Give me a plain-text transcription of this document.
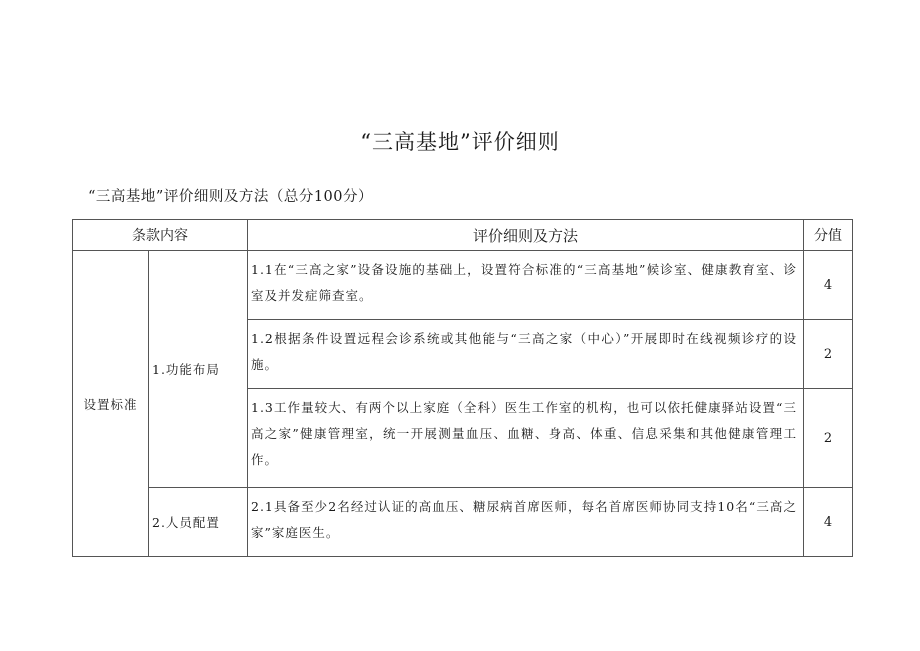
“三高基地”评价细则
“三高基地”评价细则及方法（总分100分）
条款内容		评价细则及方法	分值
设置标准	1.功能布局	1.1在“三高之家”设备设施的基础上，设置符合标准的“三高基地”候诊室、健康教育室、诊室及并发症筛查室。	4
		1.2根据条件设置远程会诊系统或其他能与“三高之家（中心）”开展即时在线视频诊疗的设施。	2
		1.3工作量较大、有两个以上家庭（全科）医生工作室的机构，也可以依托健康驿站设置“三高之家”健康管理室，统一开展测量血压、血糖、身高、体重、信息采集和其他健康管理工作。	2
	2.人员配置	2.1具备至少2名经过认证的高血压、糖尿病首席医师，每名首席医师协同支持10名“三高之家”家庭医生。	4
